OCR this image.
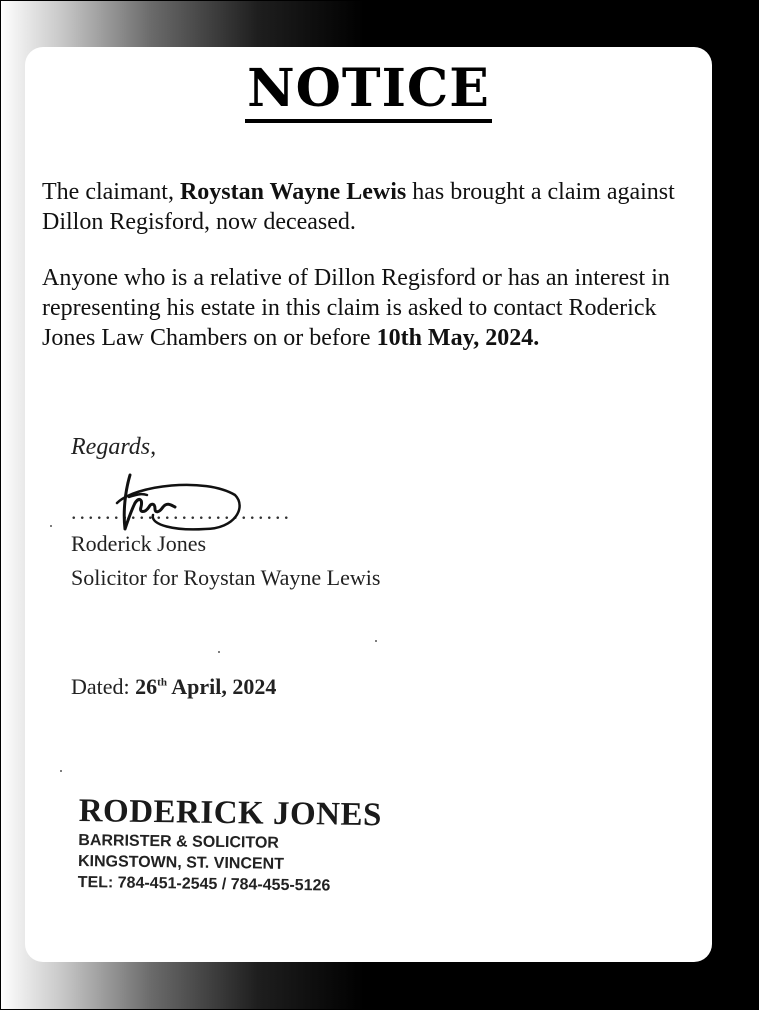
NOTICE
The claimant, Roystan Wayne Lewis has brought a claim against Dillon Regisford, now deceased.
Anyone who is a relative of Dillon Regisford or has an interest in representing his estate in this claim is asked to contact Roderick Jones Law Chambers on or before 10th May, 2024.
Regards,
..........................
Roderick Jones
Solicitor for Roystan Wayne Lewis
Dated: 26th April, 2024
RODERICK JONES
BARRISTER & SOLICITOR
KINGSTOWN, ST. VINCENT
TEL: 784-451-2545 / 784-455-5126
